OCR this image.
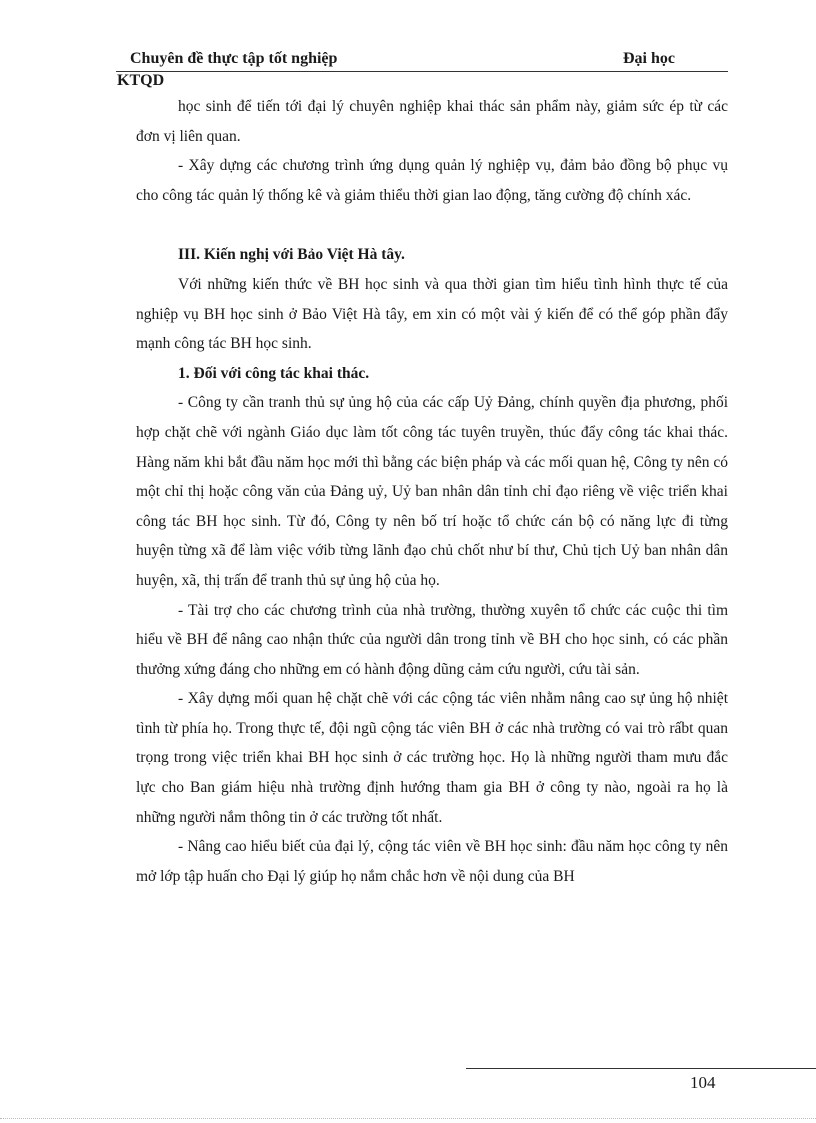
Chuyên đề thực tập tốt nghiệp	Đại học
KTQD

học sinh để tiến tới đại lý chuyên nghiệp khai thác sản phẩm này, giảm sức ép từ các đơn vị liên quan.

- Xây dựng các chương trình ứng dụng quản lý nghiệp vụ, đảm bảo đồng bộ phục vụ cho công tác quản lý thống kê và giảm thiểu thời gian lao động, tăng cường độ chính xác.

III. Kiến nghị với Bảo Việt Hà tây.

Với những kiến thức về BH học sinh và qua thời gian tìm hiểu tình hình thực tế của nghiệp vụ BH học sinh ở Bảo Việt Hà tây, em xin có một vài ý kiến để có thể góp phần đẩy mạnh công tác BH học sinh.

1. Đối với công tác khai thác.

- Công ty cần tranh thủ sự ủng hộ của các cấp Uỷ Đảng, chính quyền địa phương, phối hợp chặt chẽ với ngành Giáo dục làm tốt công tác tuyên truyền, thúc đẩy công tác khai thác. Hàng năm khi bắt đầu năm học mới thì bằng các biện pháp và các mối quan hệ, Công ty nên có một chỉ thị hoặc công văn của Đảng uỷ, Uỷ ban nhân dân tỉnh chỉ đạo riêng về việc triển khai công tác BH học sinh. Từ đó, Công ty nên bố trí hoặc tổ chức cán bộ có năng lực đi từng huyện từng xã để làm việc vớib từng lãnh đạo chủ chốt như bí thư, Chủ tịch Uỷ ban nhân dân huyện, xã, thị trấn để tranh thủ sự ủng hộ của họ.

- Tài trợ cho các chương trình của nhà trường, thường xuyên tổ chức các cuộc thi tìm hiểu về BH để nâng cao nhận thức của người dân trong tỉnh về BH cho học sinh, có các phần thưởng xứng đáng cho những em có hành động dũng cảm cứu người, cứu tài sản.

- Xây dựng mối quan hệ chặt chẽ với các cộng tác viên nhằm nâng cao sự ủng hộ nhiệt tình từ phía họ. Trong thực tế, đội ngũ cộng tác viên BH ở các nhà trường có vai trò rấbt quan trọng trong việc triển khai BH học sinh ở các trường học. Họ là những người tham mưu đắc lực cho Ban giám hiệu nhà trường định hướng tham gia BH ở công ty nào, ngoài ra họ là những người nắm thông tin ở các trường tốt nhất.

- Nâng cao hiểu biết của đại lý, cộng tác viên về BH học sinh: đầu năm học công ty nên mở lớp tập huấn cho Đại lý giúp họ nắm chắc hơn về nội dung của BH

104
